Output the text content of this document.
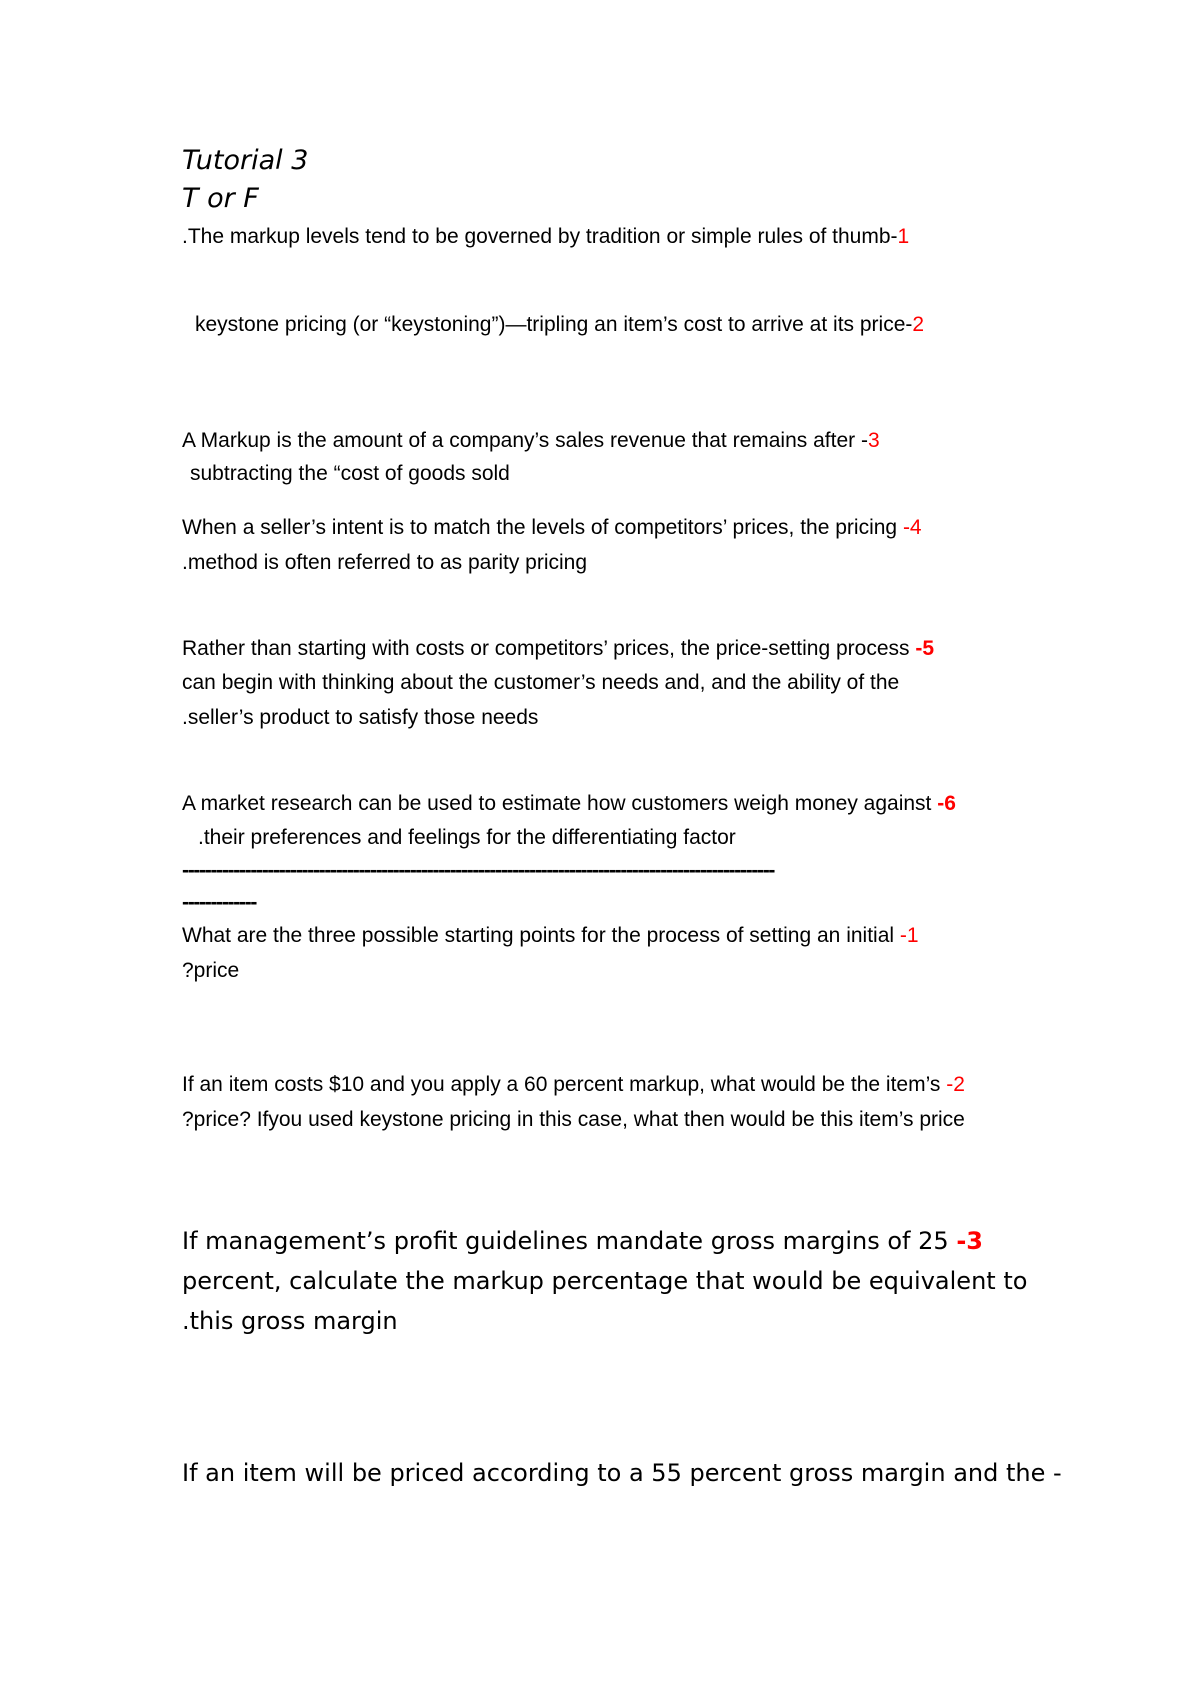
Tutorial 3
T or F
.The markup levels tend to be governed by tradition or simple rules of thumb-1
keystone pricing (or “keystoning”)—tripling an item’s cost to arrive at its price-2
A Markup is the amount of a company’s sales revenue that remains after -3
subtracting the “cost of goods sold
When a seller’s intent is to match the levels of competitors’ prices, the pricing -4
.method is often referred to as parity pricing
Rather than starting with costs or competitors’ prices, the price-setting process -5
can begin with thinking about the customer’s needs and, and the ability of the
.seller’s product to satisfy those needs
A market research can be used to estimate how customers weigh money against -6
.their preferences and feelings for the differentiating factor
--------------------------------------------------------------------------------------------------------
-------------
What are the three possible starting points for the process of setting an initial -1
?price
If an item costs $10 and you apply a 60 percent markup, what would be the item’s -2
?price? Ifyou used keystone pricing in this case, what then would be this item’s price
If management’s profit guidelines mandate gross margins of 25 -3
percent, calculate the markup percentage that would be equivalent to
.this gross margin
If an item will be priced according to a 55 percent gross margin and the -
